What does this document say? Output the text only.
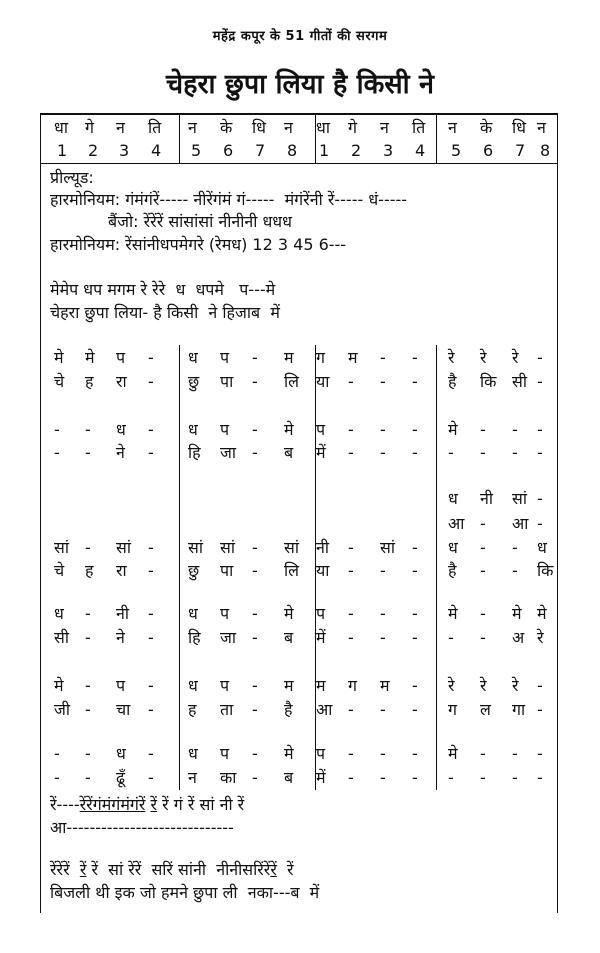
महेंद्र कपूर के 51 गीतों की सरगम
चेहरा छुपा लिया है किसी ने
धा गे न ति न के धि न धा गे न ति न के धि न
1 2 3 4 5 6 7 8 1 2 3 4 5 6 7 8
प्रील्यूड:
हारमोनियम: गंमंगंरें----- नीरेंगंमं गं-----  मंगंरेंनी रें----- धं-----
बैंजो: रेंरेंरें सांसांसां नीनीनी धधध
हारमोनियम: रेंसांनीधपमेगरे (रेमध) 12 3 45 6---
मेमेप धप मगम रे रेरे  ध  धपमे   प---मे
चेहरा छुपा लिया- है किसी  ने हिजाब  में
मे मे प - ध प - म ग म - - रे रे रे -
चे ह रा - छु पा - लि या - - - है कि सी -
- - ध - ध प - मे प - - - मे - - -
- - ने - हि जा - ब में - - - - - - -
ध नी सां -
आ - आ -
सां - सां - सां सां - सां नी - सां - ध - - ध
चे ह रा - छु पा - लि या - - - है - - कि
ध - नी - ध प - मे प - - - मे - मे मे
सी - ने - हि जा - ब में - - - - - अ रे
मे - प - ध प - म म ग म - रे रे रे -
जी - चा - ह ता - है आ - - - ग ल गा -
- - ध - ध प - मे प - - - मे - - -
- - ढूँ - न का - ब में - - - - - - -
रें----रेंरेंगंमंगंमंगंरें रें रें गं रें सां नी रें
आ-----------------------------
रेंरेंरें रें रें  सां रेंरें  सरिं सांनी  नीनीसरिंरेंरें  रें
बिजली थी इक जो हमने छुपा ली  नका---ब  में
